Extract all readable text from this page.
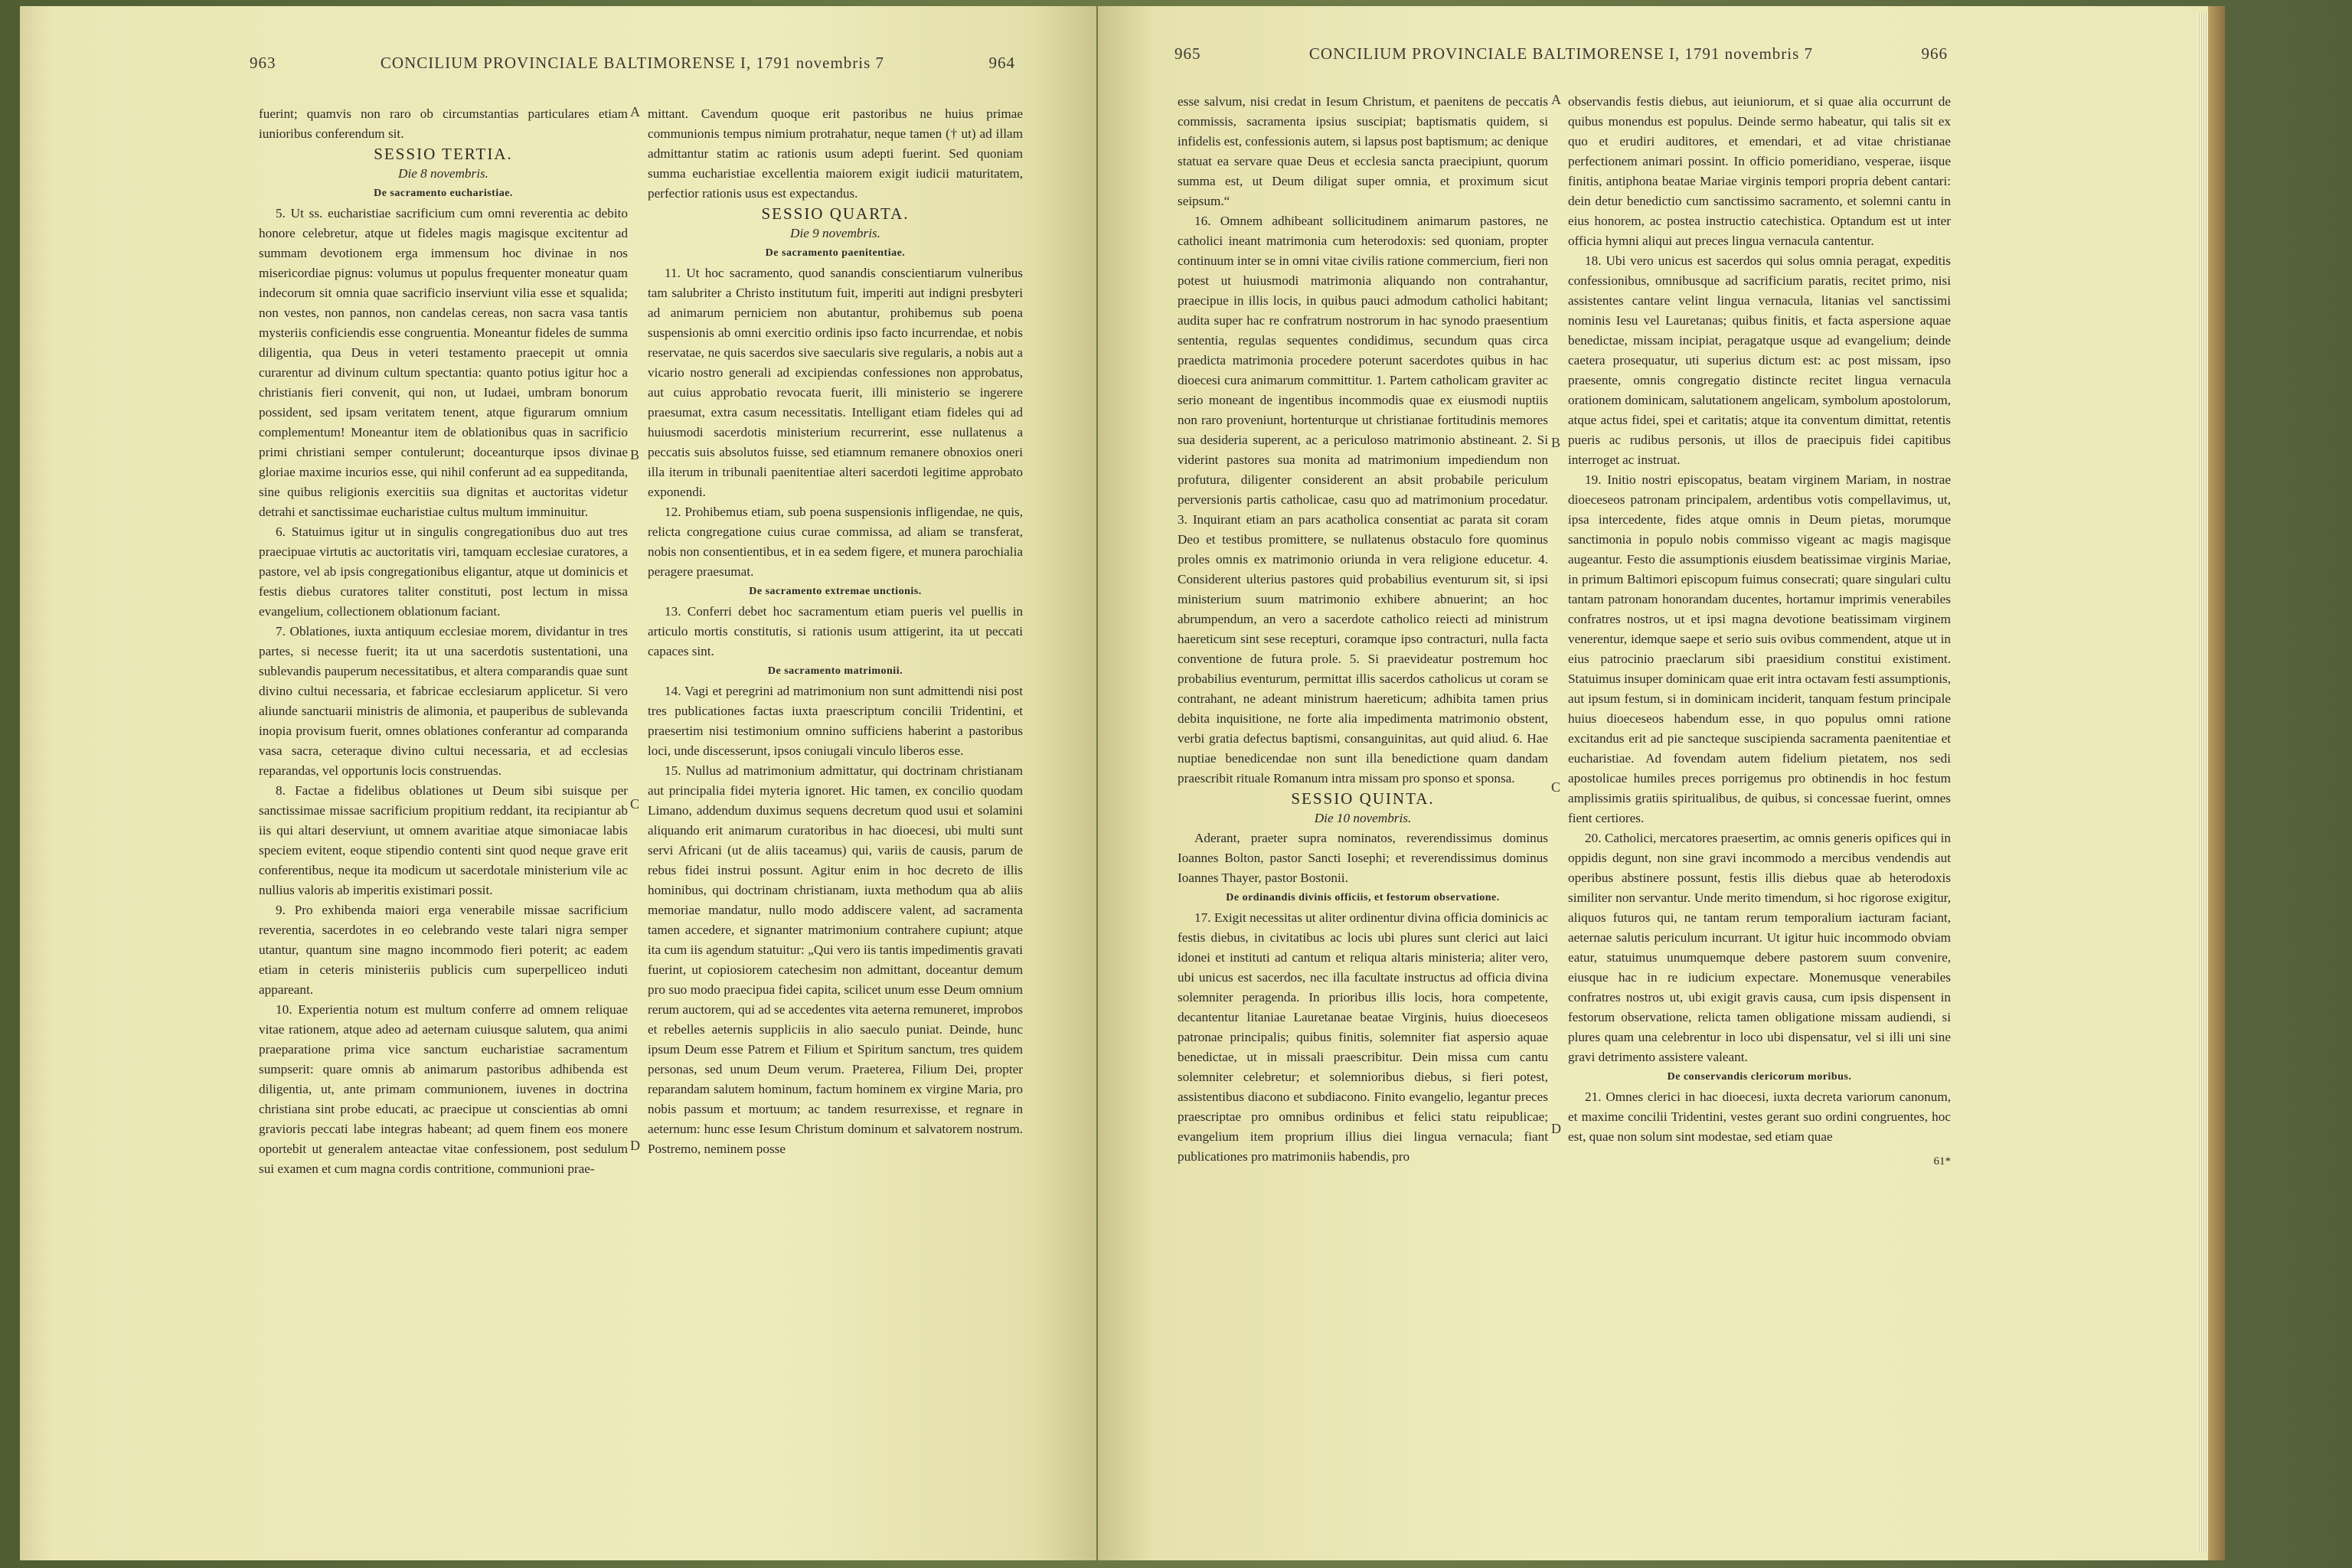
963	CONCILIUM PROVINCIALE BALTIMORENSE I, 1791 novembris 7	964

fuerint; quamvis non raro ob circumstantias particulares etiam iunioribus conferendum sit.

SESSIO TERTIA.

Die 8 novembris.

De sacramento eucharistiae.

5. Ut ss. eucharistiae sacrificium cum omni reverentia ac debito honore celebretur, atque ut fideles magis magisque excitentur ad summam devotionem erga immensum hoc divinae in nos misericordiae pignus: volumus ut populus frequenter moneatur quam indecorum sit omnia quae sacrificio inserviunt vilia esse et squalida; non vestes, non pannos, non candelas cereas, non sacra vasa tantis mysteriis conficiendis esse congruentia. Moneantur fideles de summa diligentia, qua Deus in veteri testamento praecepit ut omnia curarentur ad divinum cultum spectantia: quanto potius igitur hoc a christianis fieri convenit, qui non, ut Iudaei, umbram bonorum possident, sed ipsam veritatem tenent, atque figurarum omnium complementum! Moneantur item de oblationibus quas in sacrificio primi christiani semper contulerunt; doceanturque ipsos divinae gloriae maxime incurios esse, qui nihil conferunt ad ea suppeditanda, sine quibus religionis exercitiis sua dignitas et auctoritas videtur detrahi et sanctissimae eucharistiae cultus multum imminuitur.

6. Statuimus igitur ut in singulis congregationibus duo aut tres praecipuae virtutis ac auctoritatis viri, tamquam ecclesiae curatores, a pastore, vel ab ipsis congregationibus eligantur, atque ut dominicis et festis diebus curatores taliter constituti, post lectum in missa evangelium, collectionem oblationum faciant.

7. Oblationes, iuxta antiquum ecclesiae morem, dividantur in tres partes, si necesse fuerit; ita ut una sacerdotis sustentationi, una sublevandis pauperum necessitatibus, et altera comparandis quae sunt divino cultui necessaria, et fabricae ecclesiarum applicetur. Si vero aliunde sanctuarii ministris de alimonia, et pauperibus de sublevanda inopia provisum fuerit, omnes oblationes conferantur ad comparanda vasa sacra, ceteraque divino cultui necessaria, et ad ecclesias reparandas, vel opportunis locis construendas.

8. Factae a fidelibus oblationes ut Deum sibi suisque per sanctissimae missae sacrificium propitium reddant, ita recipiantur ab iis qui altari deserviunt, ut omnem avaritiae atque simoniacae labis speciem evitent, eoque stipendio contenti sint quod neque grave erit conferentibus, neque ita modicum ut sacerdotale ministerium vile ac nullius valoris ab imperitis existimari possit.

9. Pro exhibenda maiori erga venerabile missae sacrificium reverentia, sacerdotes in eo celebrando veste talari nigra semper utantur, quantum sine magno incommodo fieri poterit; ac eadem etiam in ceteris ministeriis publicis cum superpelliceo induti appareant.

10. Experientia notum est multum conferre ad omnem reliquae vitae rationem, atque adeo ad aeternam cuiusque salutem, qua animi praeparatione prima vice sanctum eucharistiae sacramentum sumpserit: quare omnis ab animarum pastoribus adhibenda est diligentia, ut, ante primam communionem, iuvenes in doctrina christiana sint probe educati, ac praecipue ut conscientias ab omni gravioris peccati labe integras habeant; ad quem finem eos monere oportebit ut generalem anteactae vitae confessionem, post sedulum sui examen et cum magna cordis contritione, communioni prae-

mittant. Cavendum quoque erit pastoribus ne huius primae communionis tempus nimium protrahatur, neque tamen († ut) ad illam admittantur statim ac rationis usum adepti fuerint. Sed quoniam summa eucharistiae excellentia maiorem exigit iudicii maturitatem, perfectior rationis usus est expectandus.

SESSIO QUARTA.

Die 9 novembris.

De sacramento paenitentiae.

11. Ut hoc sacramento, quod sanandis conscientiarum vulneribus tam salubriter a Christo institutum fuit, imperiti aut indigni presbyteri ad animarum perniciem non abutantur, prohibemus sub poena suspensionis ab omni exercitio ordinis ipso facto incurrendae, et nobis reservatae, ne quis sacerdos sive saecularis sive regularis, a nobis aut a vicario nostro generali ad excipiendas confessiones non approbatus, aut cuius approbatio revocata fuerit, illi ministerio se ingerere praesumat, extra casum necessitatis. Intelligant etiam fideles qui ad huiusmodi sacerdotis ministerium recurrerint, esse nullatenus a peccatis suis absolutos fuisse, sed etiamnum remanere obnoxios oneri illa iterum in tribunali paenitentiae alteri sacerdoti legitime approbato exponendi.

12. Prohibemus etiam, sub poena suspensionis infligendae, ne quis, relicta congregatione cuius curae commissa, ad aliam se transferat, nobis non consentientibus, et in ea sedem figere, et munera parochialia peragere praesumat.

De sacramento extremae unctionis.

13. Conferri debet hoc sacramentum etiam pueris vel puellis in articulo mortis constitutis, si rationis usum attigerint, ita ut peccati capaces sint.

De sacramento matrimonii.

14. Vagi et peregrini ad matrimonium non sunt admittendi nisi post tres publicationes factas iuxta praescriptum concilii Tridentini, et praesertim nisi testimonium omnino sufficiens haberint a pastoribus loci, unde discesserunt, ipsos coniugali vinculo liberos esse.

15. Nullus ad matrimonium admittatur, qui doctrinam christianam aut principalia fidei myteria ignoret. Hic tamen, ex concilio quodam Limano, addendum duximus sequens decretum quod usui et solamini aliquando erit animarum curatoribus in hac dioecesi, ubi multi sunt servi Africani (ut de aliis taceamus) qui, variis de causis, parum de rebus fidei instrui possunt. Agitur enim in hoc decreto de illis hominibus, qui doctrinam christianam, iuxta methodum qua ab aliis memoriae mandatur, nullo modo addiscere valent, ad sacramenta tamen accedere, et signanter matrimonium contrahere cupiunt; atque ita cum iis agendum statuitur: „Qui vero iis tantis impedimentis gravati fuerint, ut copiosiorem catechesim non admittant, doceantur demum pro suo modo praecipua fidei capita, scilicet unum esse Deum omnium rerum auctorem, qui ad se accedentes vita aeterna remuneret, improbos et rebelles aeternis suppliciis in alio saeculo puniat. Deinde, hunc ipsum Deum esse Patrem et Filium et Spiritum sanctum, tres quidem personas, sed unum Deum verum. Praeterea, Filium Dei, propter reparandam salutem hominum, factum hominem ex virgine Maria, pro nobis passum et mortuum; ac tandem resurrexisse, et regnare in aeternum: hunc esse Iesum Christum dominum et salvatorem nostrum. Postremo, neminem posse

A
B
C
D
965	CONCILIUM PROVINCIALE BALTIMORENSE I, 1791 novembris 7	966

esse salvum, nisi credat in Iesum Christum, et paenitens de peccatis commissis, sacramenta ipsius suscipiat; baptismatis quidem, si infidelis est, confessionis autem, si lapsus post baptismum; ac denique statuat ea servare quae Deus et ecclesia sancta praecipiunt, quorum summa est, ut Deum diligat super omnia, et proximum sicut seipsum.“

16. Omnem adhibeant sollicitudinem animarum pastores, ne catholici ineant matrimonia cum heterodoxis: sed quoniam, propter continuum inter se in omni vitae civilis ratione commercium, fieri non potest ut huiusmodi matrimonia aliquando non contrahantur, praecipue in illis locis, in quibus pauci admodum catholici habitant; audita super hac re confratrum nostrorum in hac synodo praesentium sententia, regulas sequentes condidimus, secundum quas circa praedicta matrimonia procedere poterunt sacerdotes quibus in hac dioecesi cura animarum committitur. 1. Partem catholicam graviter ac serio moneant de ingentibus incommodis quae ex eiusmodi nuptiis non raro proveniunt, hortenturque ut christianae fortitudinis memores sua desideria superent, ac a periculoso matrimonio abstineant. 2. Si viderint pastores sua monita ad matrimonium impediendum non profutura, diligenter considerent an absit probabile periculum perversionis partis catholicae, casu quo ad matrimonium procedatur. 3. Inquirant etiam an pars acatholica consentiat ac parata sit coram Deo et testibus promittere, se nullatenus obstaculo fore quominus proles omnis ex matrimonio oriunda in vera religione educetur. 4. Considerent ulterius pastores quid probabilius eventurum sit, si ipsi ministerium suum matrimonio exhibere abnuerint; an hoc abrumpendum, an vero a sacerdote catholico reiecti ad ministrum haereticum sint sese recepturi, coramque ipso contracturi, nulla facta conventione de futura prole. 5. Si praevideatur postremum hoc probabilius eventurum, permittat illis sacerdos catholicus ut coram se contrahant, ne adeant ministrum haereticum; adhibita tamen prius debita inquisitione, ne forte alia impedimenta matrimonio obstent, verbi gratia defectus baptismi, consanguinitas, aut quid aliud. 6. Hae nuptiae benedicendae non sunt illa benedictione quam dandam praescribit rituale Romanum intra missam pro sponso et sponsa.

SESSIO QUINTA.

Die 10 novembris.

Aderant, praeter supra nominatos, reverendissimus dominus Ioannes Bolton, pastor Sancti Iosephi; et reverendissimus dominus Ioannes Thayer, pastor Bostonii.

De ordinandis divinis officiis, et festorum observatione.

17. Exigit necessitas ut aliter ordinentur divina officia dominicis ac festis diebus, in civitatibus ac locis ubi plures sunt clerici aut laici idonei et instituti ad cantum et reliqua altaris ministeria; aliter vero, ubi unicus est sacerdos, nec illa facultate instructus ad officia divina solemniter peragenda. In prioribus illis locis, hora competente, decantentur litaniae Lauretanae beatae Virginis, huius dioeceseos patronae principalis; quibus finitis, solemniter fiat aspersio aquae benedictae, ut in missali praescribitur. Dein missa cum cantu solemniter celebretur; et solemnioribus diebus, si fieri potest, assistentibus diacono et subdiacono. Finito evangelio, legantur preces praescriptae pro omnibus ordinibus et felici statu reipublicae; evangelium item proprium illius diei lingua vernacula; fiant publicationes pro matrimoniis habendis, pro

observandis festis diebus, aut ieiuniorum, et si quae alia occurrunt de quibus monendus est populus. Deinde sermo habeatur, qui talis sit ex quo et erudiri auditores, et emendari, et ad vitae christianae perfectionem animari possint. In officio pomeridiano, vesperae, iisque finitis, antiphona beatae Mariae virginis tempori propria debent cantari: dein detur benedictio cum sanctissimo sacramento, et solemni cantu in eius honorem, ac postea instructio catechistica. Optandum est ut inter officia hymni aliqui aut preces lingua vernacula cantentur.

18. Ubi vero unicus est sacerdos qui solus omnia peragat, expeditis confessionibus, omnibusque ad sacrificium paratis, recitet primo, nisi assistentes cantare velint lingua vernacula, litanias vel sanctissimi nominis Iesu vel Lauretanas; quibus finitis, et facta aspersione aquae benedictae, missam incipiat, peragatque usque ad evangelium; deinde caetera prosequatur, uti superius dictum est: ac post missam, ipso praesente, omnis congregatio distincte recitet lingua vernacula orationem dominicam, salutationem angelicam, symbolum apostolorum, atque actus fidei, spei et caritatis; atque ita conventum dimittat, retentis pueris ac rudibus personis, ut illos de praecipuis fidei capitibus interroget ac instruat.

19. Initio nostri episcopatus, beatam virginem Mariam, in nostrae dioeceseos patronam principalem, ardentibus votis compellavimus, ut, ipsa intercedente, fides atque omnis in Deum pietas, morumque sanctimonia in populo nobis commisso vigeant ac magis magisque augeantur. Festo die assumptionis eiusdem beatissimae virginis Mariae, in primum Baltimori episcopum fuimus consecrati; quare singulari cultu tantam patronam honorandam ducentes, hortamur imprimis venerabiles confratres nostros, ut et ipsi magna devotione beatissimam virginem venerentur, idemque saepe et serio suis ovibus commendent, atque ut in eius patrocinio praeclarum sibi praesidium constitui existiment. Statuimus insuper dominicam quae erit intra octavam festi assumptionis, aut ipsum festum, si in dominicam inciderit, tanquam festum principale huius dioeceseos habendum esse, in quo populus omni ratione excitandus erit ad pie sancteque suscipienda sacramenta paenitentiae et eucharistiae. Ad fovendam autem fidelium pietatem, nos sedi apostolicae humiles preces porrigemus pro obtinendis in hoc festum amplissimis gratiis spiritualibus, de quibus, si concessae fuerint, omnes fient certiores.

20. Catholici, mercatores praesertim, ac omnis generis opifices qui in oppidis degunt, non sine gravi incommodo a mercibus vendendis aut operibus abstinere possunt, festis illis diebus quae ab heterodoxis similiter non servantur. Unde merito timendum, si hoc rigorose exigitur, aliquos futuros qui, ne tantam rerum temporalium iacturam faciant, aeternae salutis periculum incurrant. Ut igitur huic incommodo obviam eatur, statuimus unumquemque debere pastorem suum convenire, eiusque hac in re iudicium expectare. Monemusque venerabiles confratres nostros ut, ubi exigit gravis causa, cum ipsis dispensent in festorum observatione, relicta tamen obligatione missam audiendi, si plures quam una celebrentur in loco ubi dispensatur, vel si illi uni sine gravi detrimento assistere valeant.

De conservandis clericorum moribus.

21. Omnes clerici in hac dioecesi, iuxta decreta variorum canonum, et maxime concilii Tridentini, vestes gerant suo ordini congruentes, hoc est, quae non solum sint modestae, sed etiam quae

61*
A
B
C
D
